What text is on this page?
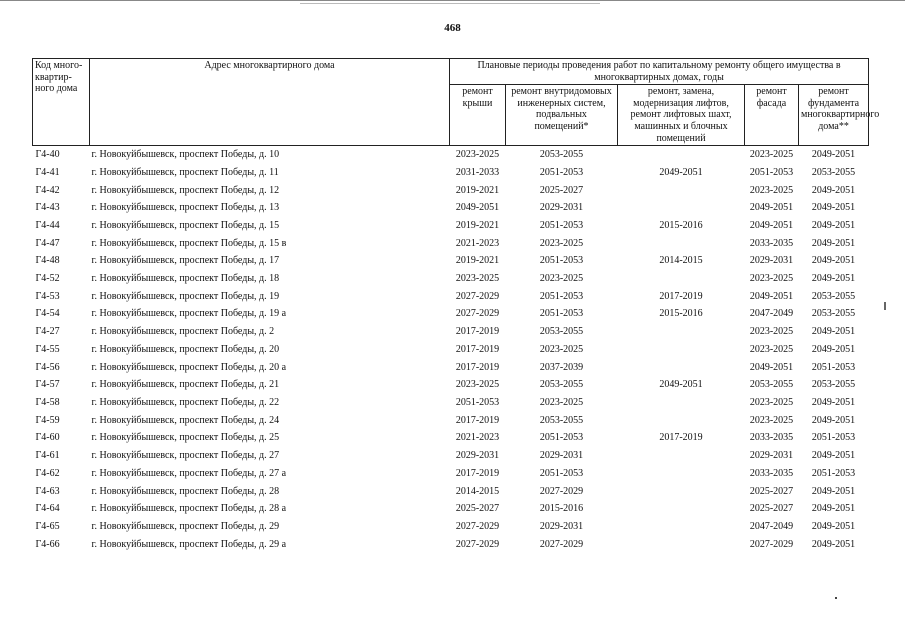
468
Код много-квартир-ного дома	Адрес многоквартирного дома	Плановые периоды проведения работ по капитальному ремонту общего имущества в многоквартирных домах, годы				
		ремонт крыши	ремонт внутридомовых инженерных систем, подвальных помещений*	ремонт, замена, модернизация лифтов, ремонт лифтовых шахт, машинных и блочных помещений	ремонт фасада	ремонт фундамента многоквартирного дома**
Г4-40	г. Новокуйбышевск, проспект Победы, д. 10	2023-2025	2053-2055		2023-2025	2049-2051
Г4-41	г. Новокуйбышевск, проспект Победы, д. 11	2031-2033	2051-2053	2049-2051	2051-2053	2053-2055
Г4-42	г. Новокуйбышевск, проспект Победы, д. 12	2019-2021	2025-2027		2023-2025	2049-2051
Г4-43	г. Новокуйбышевск, проспект Победы, д. 13	2049-2051	2029-2031		2049-2051	2049-2051
Г4-44	г. Новокуйбышевск, проспект Победы, д. 15	2019-2021	2051-2053	2015-2016	2049-2051	2049-2051
Г4-47	г. Новокуйбышевск, проспект Победы, д. 15 в	2021-2023	2023-2025		2033-2035	2049-2051
Г4-48	г. Новокуйбышевск, проспект Победы, д. 17	2019-2021	2051-2053	2014-2015	2029-2031	2049-2051
Г4-52	г. Новокуйбышевск, проспект Победы, д. 18	2023-2025	2023-2025		2023-2025	2049-2051
Г4-53	г. Новокуйбышевск, проспект Победы, д. 19	2027-2029	2051-2053	2017-2019	2049-2051	2053-2055
Г4-54	г. Новокуйбышевск, проспект Победы, д. 19 а	2027-2029	2051-2053	2015-2016	2047-2049	2053-2055
Г4-27	г. Новокуйбышевск, проспект Победы, д. 2	2017-2019	2053-2055		2023-2025	2049-2051
Г4-55	г. Новокуйбышевск, проспект Победы, д. 20	2017-2019	2023-2025		2023-2025	2049-2051
Г4-56	г. Новокуйбышевск, проспект Победы, д. 20 а	2017-2019	2037-2039		2049-2051	2051-2053
Г4-57	г. Новокуйбышевск, проспект Победы, д. 21	2023-2025	2053-2055	2049-2051	2053-2055	2053-2055
Г4-58	г. Новокуйбышевск, проспект Победы, д. 22	2051-2053	2023-2025		2023-2025	2049-2051
Г4-59	г. Новокуйбышевск, проспект Победы, д. 24	2017-2019	2053-2055		2023-2025	2049-2051
Г4-60	г. Новокуйбышевск, проспект Победы, д. 25	2021-2023	2051-2053	2017-2019	2033-2035	2051-2053
Г4-61	г. Новокуйбышевск, проспект Победы, д. 27	2029-2031	2029-2031		2029-2031	2049-2051
Г4-62	г. Новокуйбышевск, проспект Победы, д. 27 а	2017-2019	2051-2053		2033-2035	2051-2053
Г4-63	г. Новокуйбышевск, проспект Победы, д. 28	2014-2015	2027-2029		2025-2027	2049-2051
Г4-64	г. Новокуйбышевск, проспект Победы, д. 28 а	2025-2027	2015-2016		2025-2027	2049-2051
Г4-65	г. Новокуйбышевск, проспект Победы, д. 29	2027-2029	2029-2031		2047-2049	2049-2051
Г4-66	г. Новокуйбышевск, проспект Победы, д. 29 а	2027-2029	2027-2029		2027-2029	2049-2051
